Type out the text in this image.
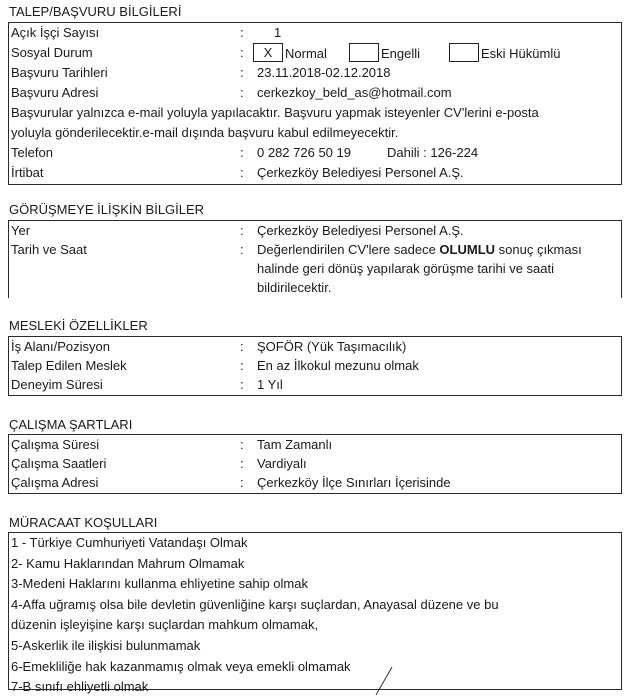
TALEP/BAŞVURU BİLGİLERİ
Açık İşçi Sayısı	: 1
Sosyal Durum	:	X Normal	Engelli	Eski Hükümlü
Başvuru Tarihleri	: 23.11.2018-02.12.2018
Başvuru Adresi	: cerkezkoy_beld_as@hotmail.com
Başvurular yalnızca e-mail yoluyla yapılacaktır. Başvuru yapmak isteyenler CV'lerini e-posta
yoluyla gönderilecektir.e-mail dışında başvuru kabul edilmeyecektir.
Telefon	: 0 282 726 50 19	Dahili : 126-224
İrtibat	: Çerkezköy Belediyesi Personel A.Ş.
GÖRÜŞMEYE İLİŞKİN BİLGİLER
Yer	: Çerkezköy Belediyesi Personel A.Ş.
Tarih ve Saat	: Değerlendirilen CV'lere sadece OLUMLU sonuç çıkması halinde geri dönüş yapılarak görüşme tarihi ve saati bildirilecektir.
MESLEKİ ÖZELLİKLER
İş Alanı/Pozisyon	: ŞOFÖR (Yük Taşımacılık)
Talep Edilen Meslek	: En az İlkokul mezunu olmak
Deneyim Süresi	: 1 Yıl
ÇALIŞMA ŞARTLARI
Çalışma Süresi	: Tam Zamanlı
Çalışma Saatleri	: Vardiyalı
Çalışma Adresi	: Çerkezköy İlçe Sınırları İçerisinde
MÜRACAAT KOŞULLARI
1 - Türkiye Cumhuriyeti Vatandaşı Olmak
2- Kamu Haklarından Mahrum Olmamak
3-Medeni Haklarını kullanma ehliyetine sahip olmak
4-Affa uğramış olsa bile devletin güvenliğine karşı suçlardan, Anayasal düzene ve bu
düzenin işleyişine karşı suçlardan mahkum olmamak,
5-Askerlik ile ilişkisi bulunmamak
6-Emekliliğe hak kazanmamış olmak veya emekli olmamak
7-B sınıfı ehliyetli olmak
